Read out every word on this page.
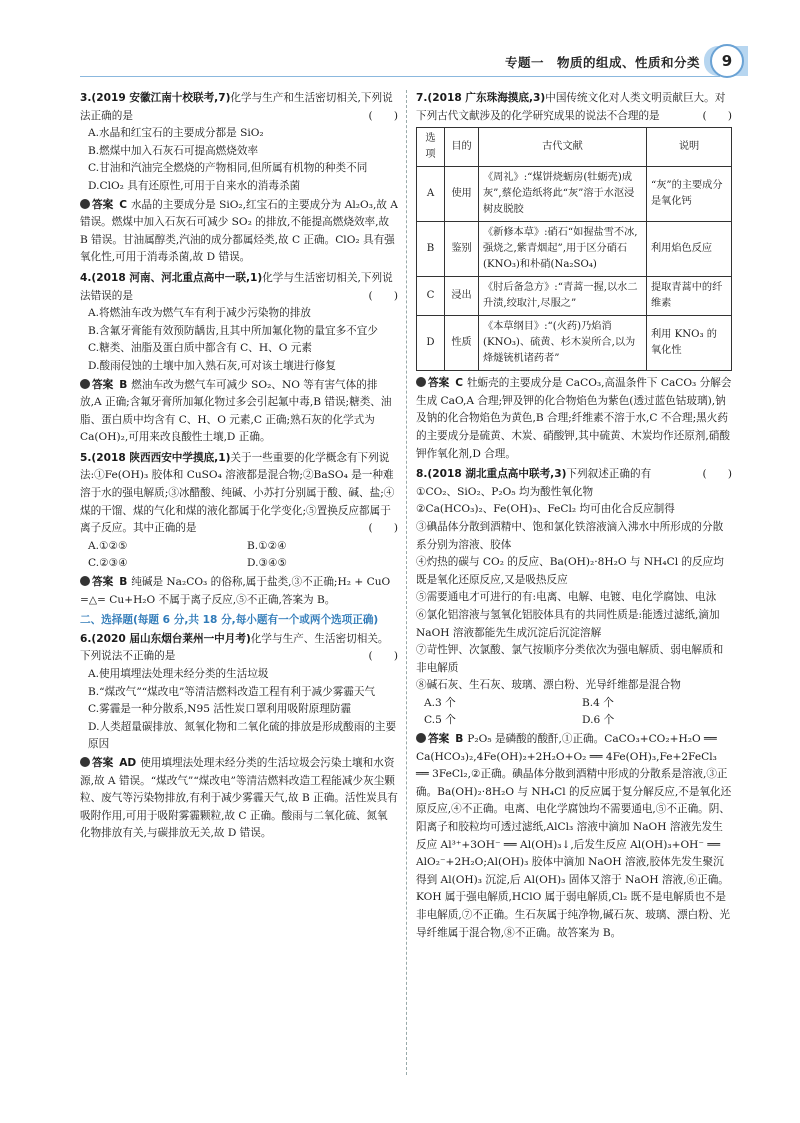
专题一　物质的组成、性质和分类	9

3.(2019 安徽江南十校联考,7)化学与生产和生活密切相关,下列说法正确的是	(　　)

A.水晶和红宝石的主要成分都是 SiO₂

B.燃煤中加入石灰石可提高燃烧效率

C.甘油和汽油完全燃烧的产物相同,但所属有机物的种类不同

D.ClO₂ 具有还原性,可用于自来水的消毒杀菌

答案 C 水晶的主要成分是 SiO₂,红宝石的主要成分为 Al₂O₃,故 A 错误。燃煤中加入石灰石可减少 SO₂ 的排放,不能提高燃烧效率,故 B 错误。甘油属醇类,汽油的成分都属烃类,故 C 正确。ClO₂ 具有强氧化性,可用于消毒杀菌,故 D 错误。

4.(2018 河南、河北重点高中一联,1)化学与生活密切相关,下列说法错误的是	(　　)

A.将燃油车改为燃气车有利于减少污染物的排放

B.含氟牙膏能有效预防龋齿,且其中所加氟化物的量宜多不宜少

C.糖类、油脂及蛋白质中都含有 C、H、O 元素

D.酸雨侵蚀的土壤中加入熟石灰,可对该土壤进行修复

答案 B 燃油车改为燃气车可减少 SO₂、NO 等有害气体的排放,A 正确;含氟牙膏所加氟化物过多会引起氟中毒,B 错误;糖类、油脂、蛋白质中均含有 C、H、O 元素,C 正确;熟石灰的化学式为 Ca(OH)₂,可用来改良酸性土壤,D 正确。

5.(2018 陕西西安中学摸底,1)关于一些重要的化学概念有下列说法:①Fe(OH)₃ 胶体和 CuSO₄ 溶液都是混合物;②BaSO₄ 是一种难溶于水的强电解质;③冰醋酸、纯碱、小苏打分别属于酸、碱、盐;④煤的干馏、煤的气化和煤的液化都属于化学变化;⑤置换反应都属于离子反应。其中正确的是	(　　)

A.①②⑤	B.①②④
C.②③④	D.③④⑤

答案 B 纯碱是 Na₂CO₃ 的俗称,属于盐类,③不正确;H₂ + CuO =△= Cu+H₂O 不属于离子反应,⑤不正确,答案为 B。

二、选择题(每题 6 分,共 18 分,每小题有一个或两个选项正确)

6.(2020 届山东烟台莱州一中月考)化学与生产、生活密切相关。下列说法不正确的是	(　　)

A.使用填埋法处理未经分类的生活垃圾

B.“煤改气”“煤改电”等清洁燃料改造工程有利于减少雾霾天气

C.雾霾是一种分散系,N95 活性炭口罩利用吸附原理防霾

D.人类超量碳排放、氮氧化物和二氧化硫的排放是形成酸雨的主要原因

答案 AD 使用填埋法处理未经分类的生活垃圾会污染土壤和水资源,故 A 错误。“煤改气”“煤改电”等清洁燃料改造工程能减少灰尘颗粒、废气等污染物排放,有利于减少雾霾天气,故 B 正确。活性炭具有吸附作用,可用于吸附雾霾颗粒,故 C 正确。酸雨与二氧化硫、氮氧化物排放有关,与碳排放无关,故 D 错误。

7.(2018 广东珠海摸底,3)中国传统文化对人类文明贡献巨大。对下列古代文献涉及的化学研究成果的说法不合理的是	(　　)

选项	目的	古代文献	说明
A	使用	《周礼》:“煤饼烧蛎房(牡蛎壳)成灰”,蔡伦造纸将此“灰”溶于水沤浸树皮脱胶	“灰”的主要成分是氧化钙
B	鉴别	《新修本草》:硝石“如握盐雪不冰,强烧之,紫青烟起”,用于区分硝石(KNO₃)和朴硝(Na₂SO₄)	利用焰色反应
C	浸出	《肘后备急方》:“青蒿一握,以水二升渍,绞取汁,尽服之”	提取青蒿中的纤维素
D	性质	《本草纲目》:“(火药)乃焰消(KNO₃)、硫黄、杉木炭所合,以为烽燧铳机诸药者”	利用 KNO₃ 的氧化性

答案 C 牡蛎壳的主要成分是 CaCO₃,高温条件下 CaCO₃ 分解会生成 CaO,A 合理;钾及钾的化合物焰色为紫色(透过蓝色钴玻璃),钠及钠的化合物焰色为黄色,B 合理;纤维素不溶于水,C 不合理;黑火药的主要成分是硫黄、木炭、硝酸钾,其中硫黄、木炭均作还原剂,硝酸钾作氧化剂,D 合理。

8.(2018 湖北重点高中联考,3)下列叙述正确的有	(　　)

①CO₂、SiO₂、P₂O₅ 均为酸性氧化物

②Ca(HCO₃)₂、Fe(OH)₃、FeCl₂ 均可由化合反应制得

③碘晶体分散到酒精中、饱和氯化铁溶液滴入沸水中所形成的分散系分别为溶液、胶体

④灼热的碳与 CO₂ 的反应、Ba(OH)₂·8H₂O 与 NH₄Cl 的反应均既是氧化还原反应,又是吸热反应

⑤需要通电才可进行的有:电离、电解、电镀、电化学腐蚀、电泳

⑥氯化铝溶液与氢氧化铝胶体具有的共同性质是:能透过滤纸,滴加 NaOH 溶液都能先生成沉淀后沉淀溶解

⑦苛性钾、次氯酸、氯气按顺序分类依次为强电解质、弱电解质和非电解质

⑧碱石灰、生石灰、玻璃、漂白粉、光导纤维都是混合物

A.3 个	B.4 个
C.5 个	D.6 个

答案 B P₂O₅ 是磷酸的酸酐,①正确。CaCO₃+CO₂+H₂O ══ Ca(HCO₃)₂,4Fe(OH)₂+2H₂O+O₂ ══ 4Fe(OH)₃,Fe+2FeCl₃ ══ 3FeCl₂,②正确。碘晶体分散到酒精中形成的分散系是溶液,③正确。Ba(OH)₂·8H₂O 与 NH₄Cl 的反应属于复分解反应,不是氧化还原反应,④不正确。电离、电化学腐蚀均不需要通电,⑤不正确。阴、阳离子和胶粒均可透过滤纸,AlCl₃ 溶液中滴加 NaOH 溶液先发生反应 Al³⁺+3OH⁻ ══ Al(OH)₃↓,后发生反应 Al(OH)₃+OH⁻ ══ AlO₂⁻+2H₂O;Al(OH)₃ 胶体中滴加 NaOH 溶液,胶体先发生聚沉得到 Al(OH)₃ 沉淀,后 Al(OH)₃ 固体又溶于 NaOH 溶液,⑥正确。KOH 属于强电解质,HClO 属于弱电解质,Cl₂ 既不是电解质也不是非电解质,⑦不正确。生石灰属于纯净物,碱石灰、玻璃、漂白粉、光导纤维属于混合物,⑧不正确。故答案为 B。
